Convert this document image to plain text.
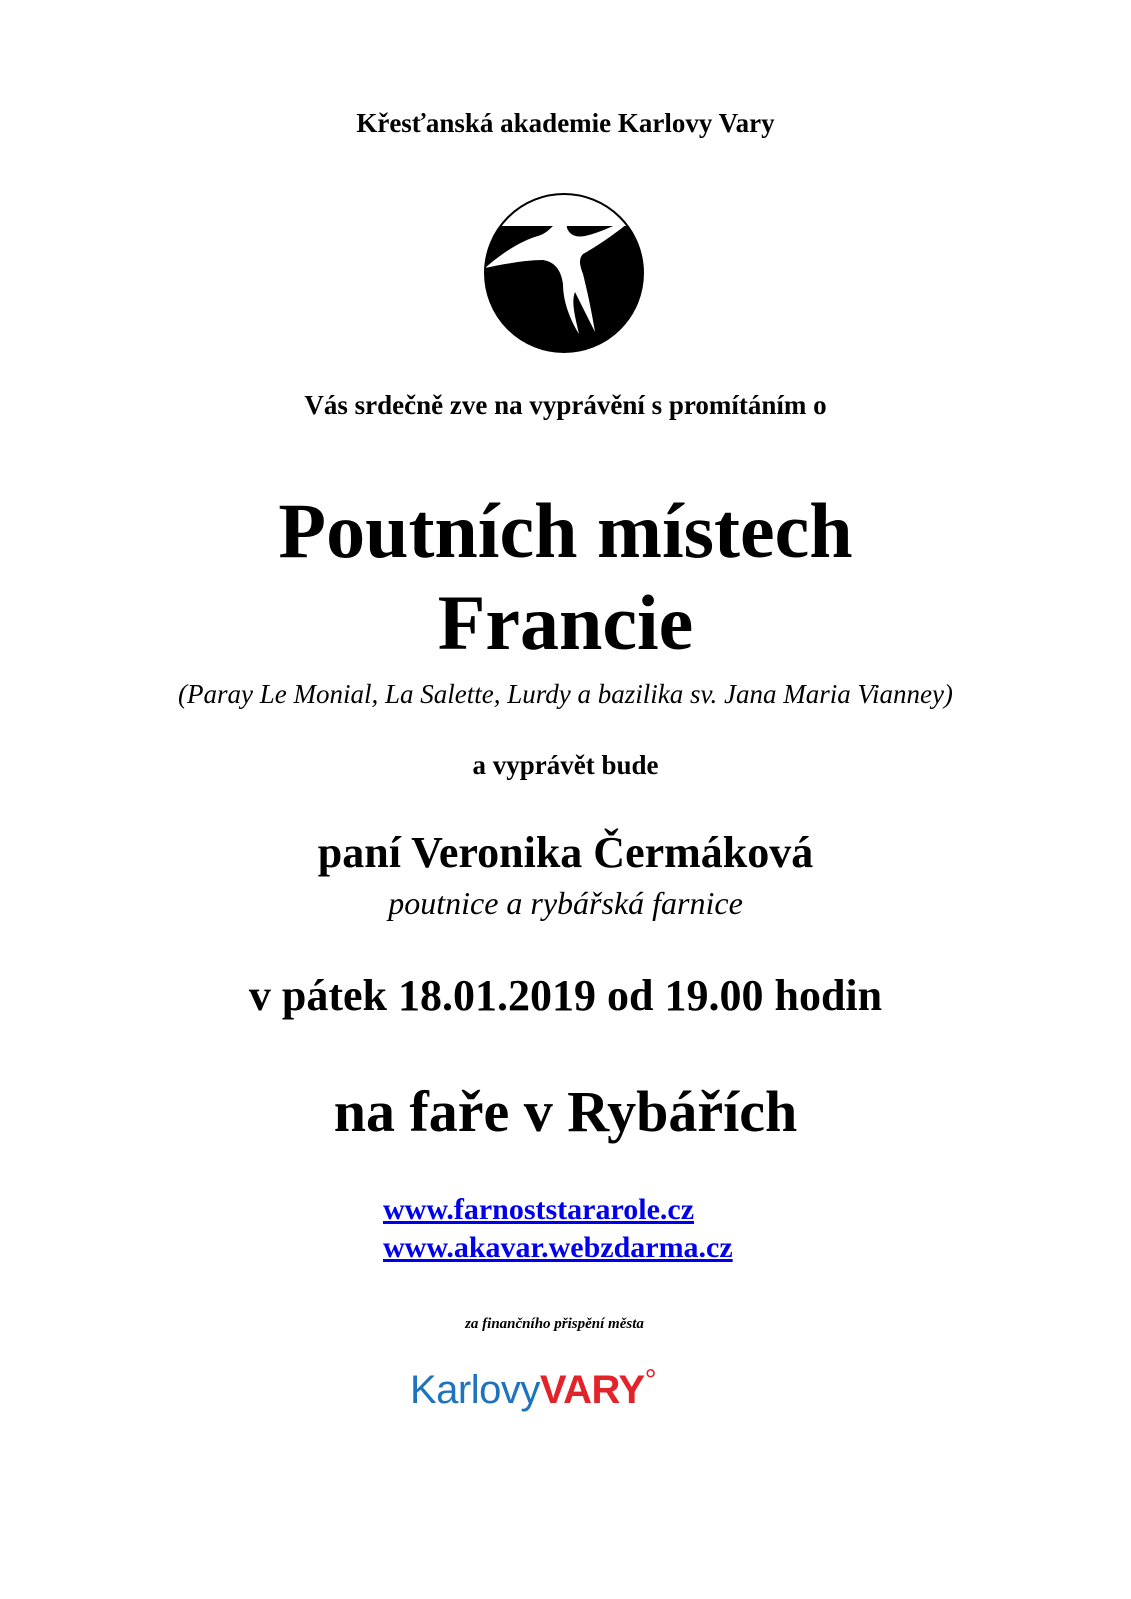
Křesťanská akademie Karlovy Vary
Vás srdečně zve na vyprávění s promítáním o
Poutních místech
Francie
(Paray Le Monial, La Salette, Lurdy a bazilika sv. Jana Maria Vianney)
a vyprávět bude
paní Veronika Čermáková
poutnice a rybářská farnice
v pátek 18.01.2019 od 19.00 hodin
na faře v Rybářích
www.farnoststararole.cz
www.akavar.webzdarma.cz
za finančního přispění města
KarlovyVARY°
